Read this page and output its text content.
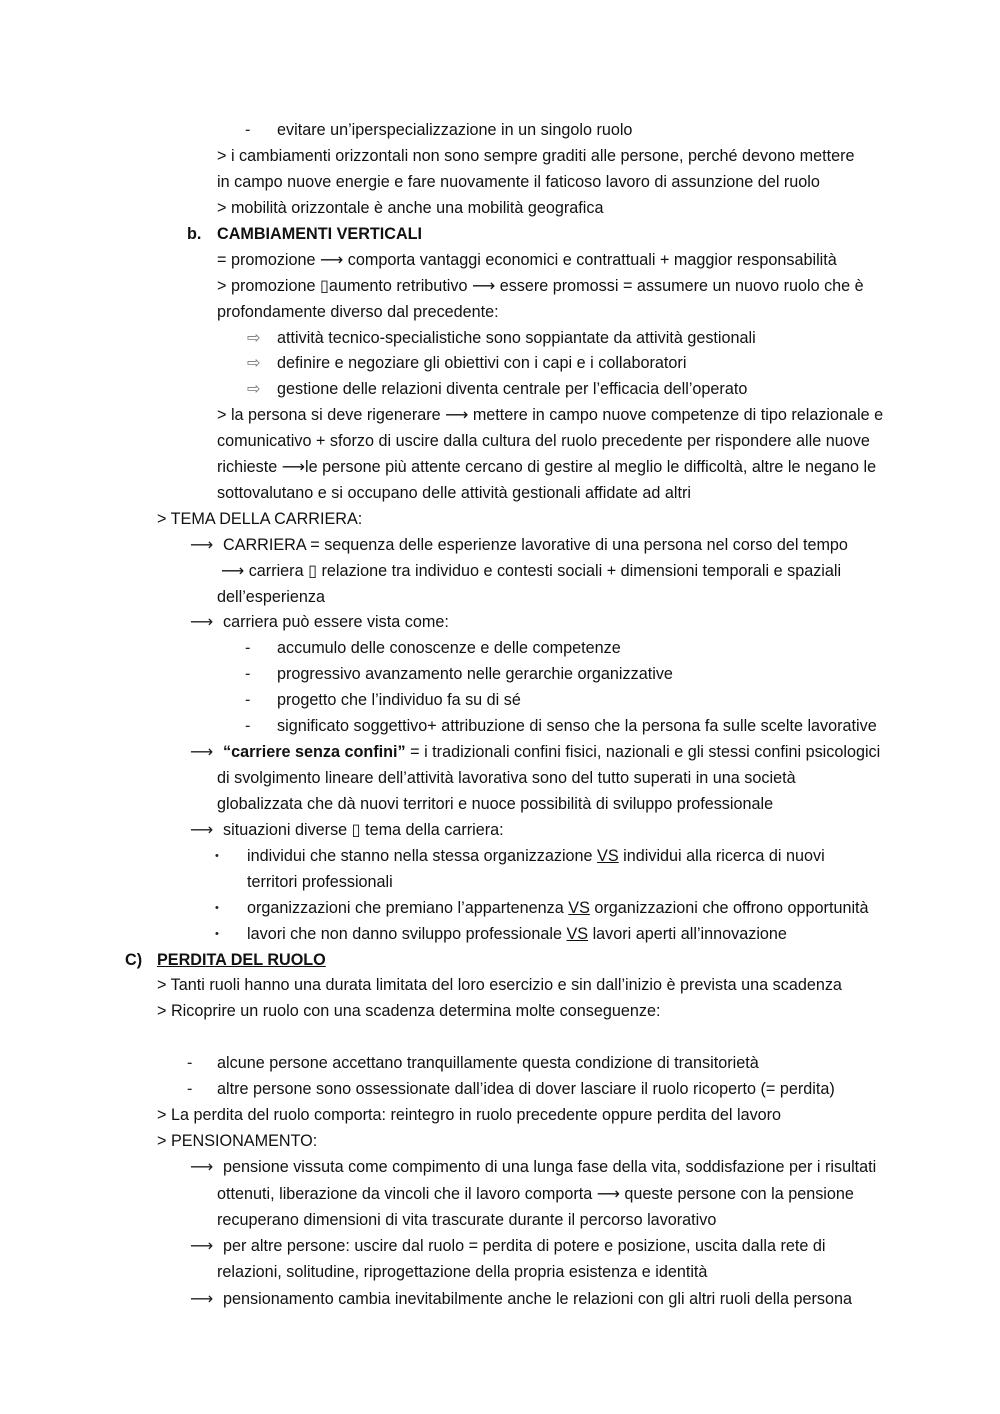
- evitare un’iperspecializzazione in un singolo ruolo
> i cambiamenti orizzontali non sono sempre graditi alle persone, perché devono mettere
in campo nuove energie e fare nuovamente il faticoso lavoro di assunzione del ruolo
> mobilità orizzontale è anche una mobilità geografica
b. CAMBIAMENTI VERTICALI
= promozione ⟶ comporta vantaggi economici e contrattuali + maggior responsabilità
> promozione ▯aumento retributivo ⟶ essere promossi = assumere un nuovo ruolo che è
profondamente diverso dal precedente:
⇨ attività tecnico-specialistiche sono soppiantate da attività gestionali
⇨ definire e negoziare gli obiettivi con i capi e i collaboratori
⇨ gestione delle relazioni diventa centrale per l’efficacia dell’operato
> la persona si deve rigenerare ⟶ mettere in campo nuove competenze di tipo relazionale e
comunicativo + sforzo di uscire dalla cultura del ruolo precedente per rispondere alle nuove
richieste ⟶le persone più attente cercano di gestire al meglio le difficoltà, altre le negano le
sottovalutano e si occupano delle attività gestionali affidate ad altri
> TEMA DELLA CARRIERA:
⟶ CARRIERA = sequenza delle esperienze lavorative di una persona nel corso del tempo
⟶ carriera ▯ relazione tra individuo e contesti sociali + dimensioni temporali e spaziali
dell’esperienza
⟶ carriera può essere vista come:
- accumulo delle conoscenze e delle competenze
- progressivo avanzamento nelle gerarchie organizzative
- progetto che l’individuo fa su di sé
- significato soggettivo+ attribuzione di senso che la persona fa sulle scelte lavorative
⟶ “carriere senza confini” = i tradizionali confini fisici, nazionali e gli stessi confini psicologici
di svolgimento lineare dell’attività lavorativa sono del tutto superati in una società
globalizzata che dà nuovi territori e nuoce possibilità di sviluppo professionale
⟶ situazioni diverse ▯ tema della carriera:
• individui che stanno nella stessa organizzazione VS individui alla ricerca di nuovi
territori professionali
• organizzazioni che premiano l’appartenenza VS organizzazioni che offrono opportunità
• lavori che non danno sviluppo professionale VS lavori aperti all’innovazione
C) PERDITA DEL RUOLO
> Tanti ruoli hanno una durata limitata del loro esercizio e sin dall’inizio è prevista una scadenza
> Ricoprire un ruolo con una scadenza determina molte conseguenze:
- alcune persone accettano tranquillamente questa condizione di transitorietà
- altre persone sono ossessionate dall’idea di dover lasciare il ruolo ricoperto (= perdita)
> La perdita del ruolo comporta: reintegro in ruolo precedente oppure perdita del lavoro
> PENSIONAMENTO:
⟶ pensione vissuta come compimento di una lunga fase della vita, soddisfazione per i risultati
ottenuti, liberazione da vincoli che il lavoro comporta ⟶ queste persone con la pensione
recuperano dimensioni di vita trascurate durante il percorso lavorativo
⟶ per altre persone: uscire dal ruolo = perdita di potere e posizione, uscita dalla rete di
relazioni, solitudine, riprogettazione della propria esistenza e identità
⟶ pensionamento cambia inevitabilmente anche le relazioni con gli altri ruoli della persona
